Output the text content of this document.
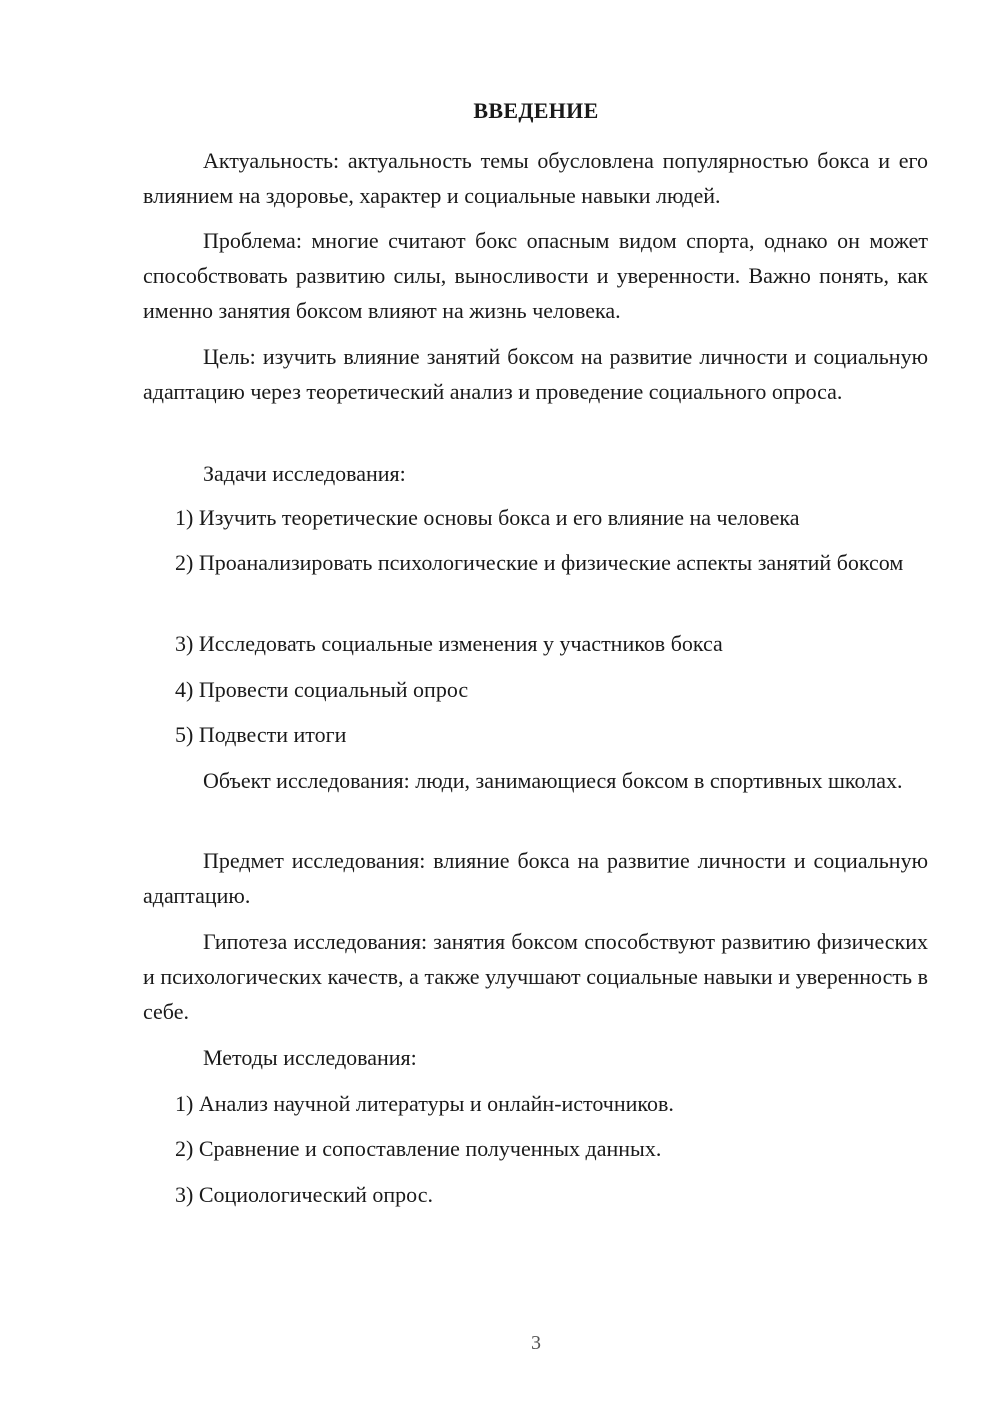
ВВЕДЕНИЕ

Актуальность: актуальность темы обусловлена популярностью бокса и его влиянием на здоровье, характер и социальные навыки людей.

Проблема: многие считают бокс опасным видом спорта, однако он может способствовать развитию силы, выносливости и уверенности. Важно понять, как именно занятия боксом влияют на жизнь человека.

Цель: изучить влияние занятий боксом на развитие личности и социальную адаптацию через теоретический анализ и проведение социального опроса.

Задачи исследования:

1) Изучить теоретические основы бокса и его влияние на человека

2) Проанализировать психологические и физические аспекты занятий боксом

3) Исследовать социальные изменения у участников бокса

4) Провести социальный опрос

5) Подвести итоги

Объект исследования: люди, занимающиеся боксом в спортивных школах.

Предмет исследования: влияние бокса на развитие личности и социальную адаптацию.

Гипотеза исследования: занятия боксом способствуют развитию физических и психологических качеств, а также улучшают социальные навыки и уверенность в себе.

Методы исследования:

1) Анализ научной литературы и онлайн-источников.

2) Сравнение и сопоставление полученных данных.

3) Социологический опрос.

3
